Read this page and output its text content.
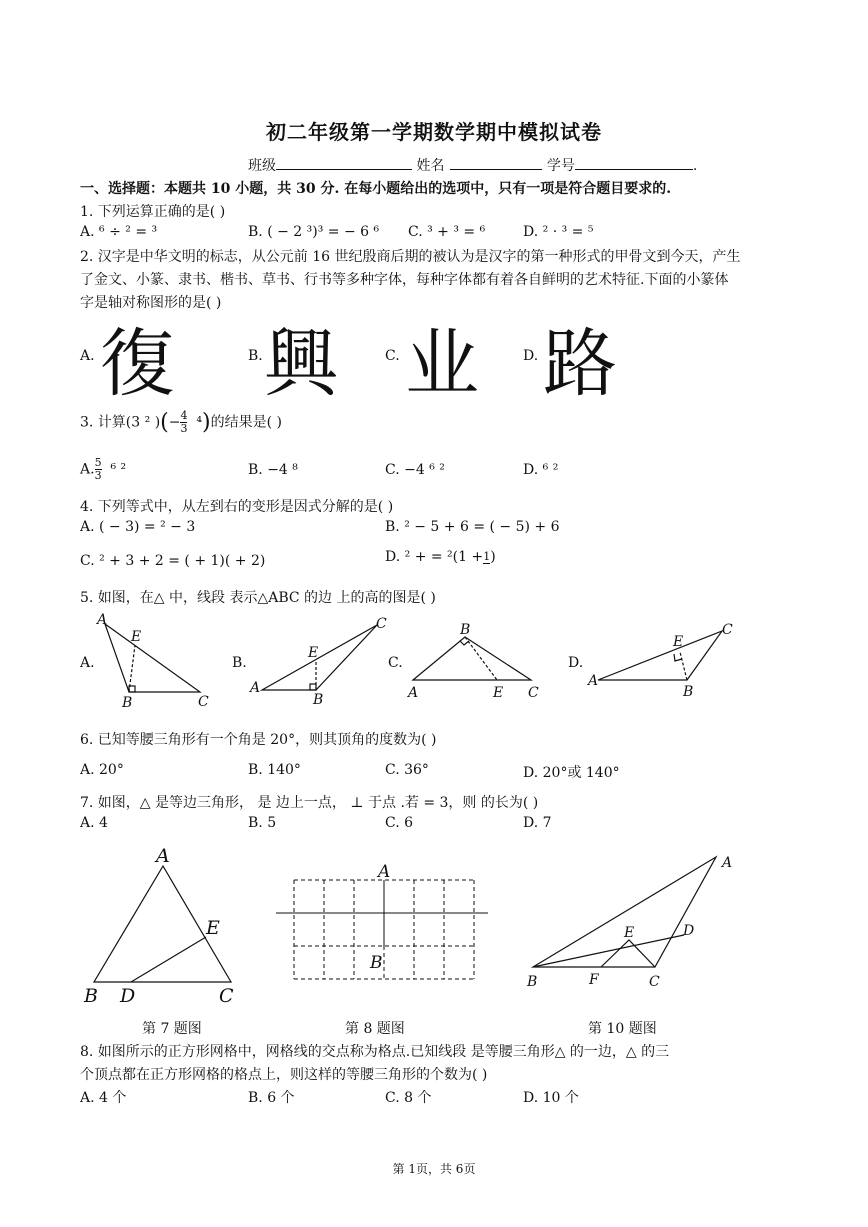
初二年级第一学期数学期中模拟试卷
班级	姓名	学号	.
一、选择题：本题共 10 小题，共 30 分. 在每小题给出的选项中，只有一项是符合题目要求的.
1. 下列运算正确的是( )
A. ⁶ ÷ ² = ³	B. ( − 2 ³)³ = − 6 ⁶ C. ³ + ³ = ⁶	D. ² · ³ = ⁵
2. 汉字是中华文明的标志，从公元前 16 世纪殷商后期的被认为是汉字的第一种形式的甲骨文到今天，产生
了金文、小篆、隶书、楷书、草书、行书等多种字体，每种字体都有着各自鲜明的艺术特征.下面的小篆体
字是轴对称图形的是( )
A. 復	B. 興	C. 业	D. 路
3. 计算(3 ² )(− $\frac{4}{3} ^4$)的结果是( )
A. $\frac{5}{3} ^6$ ²	B. −4 ⁸	C. −4 ⁶ ²	D. ⁶ ²
4. 下列等式中，从左到右的变形是因式分解的是( )
A. ( − 3) = ² − 3	B. ² − 5 + 6 = ( − 5) + 6
C. ² + 3 + 2 = ( + 1)( + 2)	D. ² + = ²(1 + 1 )
5. 如图，在△ 中，线段 表示△ABC 的边 上的高的图是( )
A.	B.	C.	D.
A
E
B	C
A
E
B
C
A
B
E C
A
E
B
C
A
B D	C
E
A
B
A
B	F	C
E	D
6. 已知等腰三角形有一个角是 20°，则其顶角的度数为( )
A. 20°	B. 140°	C. 36°	D. 20°或 140°
7. 如图，△ 是等边三角形， 是 边上一点， ⊥ 于点 .若 = 3，则 的长为( )
A. 4	B. 5	C. 6	D. 7
第 7 题图	第 8 题图	第 10 题图
8. 如图所示的正方形网格中，网格线的交点称为格点.已知线段 是等腰三角形△ 的一边，△ 的三
个顶点都在正方形网格的格点上，则这样的等腰三角形的个数为( )
A. 4 个	B. 6 个	C. 8 个	D. 10 个
第 1页，共 6页
